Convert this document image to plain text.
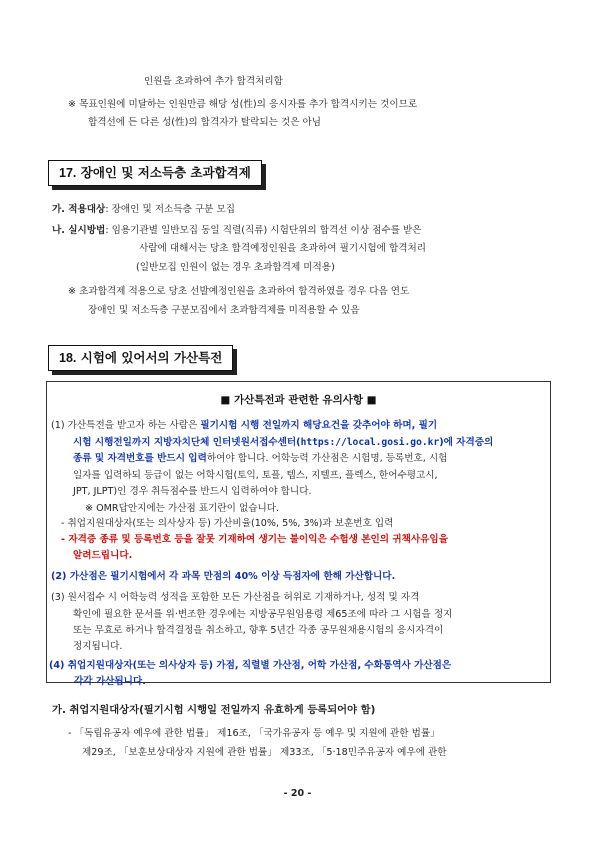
인원을 초과하여 추가 합격처리함
※ 목표인원에 미달하는 인원만큼 해당 성(性)의 응시자를 추가 합격시키는 것이므로
합격선에 든 다른 성(性)의 합격자가 탈락되는 것은 아님
17. 장애인 및 저소득층 초과합격제
가. 적용대상: 장애인 및 저소득층 구분 모집
나. 실시방법: 임용기관별 일반모집 동일 직렬(직류) 시험단위의 합격선 이상 점수를 받은
사람에 대해서는 당초 합격예정인원을 초과하여 필기시험에 합격처리
(일반모집 인원이 없는 경우 초과합격제 미적용)
※ 초과합격제 적용으로 당초 선발예정인원을 초과하여 합격하였을 경우 다음 연도
장애인 및 저소득층 구분모집에서 초과합격제를 미적용할 수 있음
18. 시험에 있어서의 가산특전
■ 가산특전과 관련한 유의사항 ■
(1) 가산특전을 받고자 하는 사람은 필기시험 시행 전일까지 해당요건을 갖추어야 하며, 필기
시험 시행전일까지 지방자치단체 인터넷원서접수센터(https://local.gosi.go.kr)에 자격증의
종류 및 자격번호를 반드시 입력하여야 합니다. 어학능력 가산점은 시험명, 등록번호, 시험
일자를 입력하되 등급이 없는 어학시험(토익, 토플, 텝스, 지텔프, 플렉스, 한어수평고시,
JPT, JLPT)인 경우 취득점수를 반드시 입력하여야 합니다.
※ OMR답안지에는 가산점 표기란이 없습니다.
- 취업지원대상자(또는 의사상자 등) 가산비율(10%, 5%, 3%)과 보훈번호 입력
- 자격증 종류 및 등록번호 등을 잘못 기재하여 생기는 불이익은 수험생 본인의 귀책사유임을
알려드립니다.
(2) 가산점은 필기시험에서 각 과목 만점의 40% 이상 득점자에 한해 가산합니다.
(3) 원서접수 시 어학능력 성적을 포함한 모든 가산점을 허위로 기재하거나, 성적 및 자격
확인에 필요한 문서를 위·변조한 경우에는 지방공무원임용령 제65조에 따라 그 시험을 정지
또는 무효로 하거나 합격결정을 취소하고, 향후 5년간 각종 공무원채용시험의 응시자격이
정지됩니다.
(4) 취업지원대상자(또는 의사상자 등) 가점, 직렬별 가산점, 어학 가산점, 수화통역사 가산점은
각각 가산됩니다.
가. 취업지원대상자(필기시험 시행일 전일까지 유효하게 등록되어야 함)
- 「독립유공자 예우에 관한 법률」 제16조, 「국가유공자 등 예우 및 지원에 관한 법률」
제29조, 「보훈보상대상자 지원에 관한 법률」 제33조, 「5·18민주유공자 예우에 관한
- 20 -
